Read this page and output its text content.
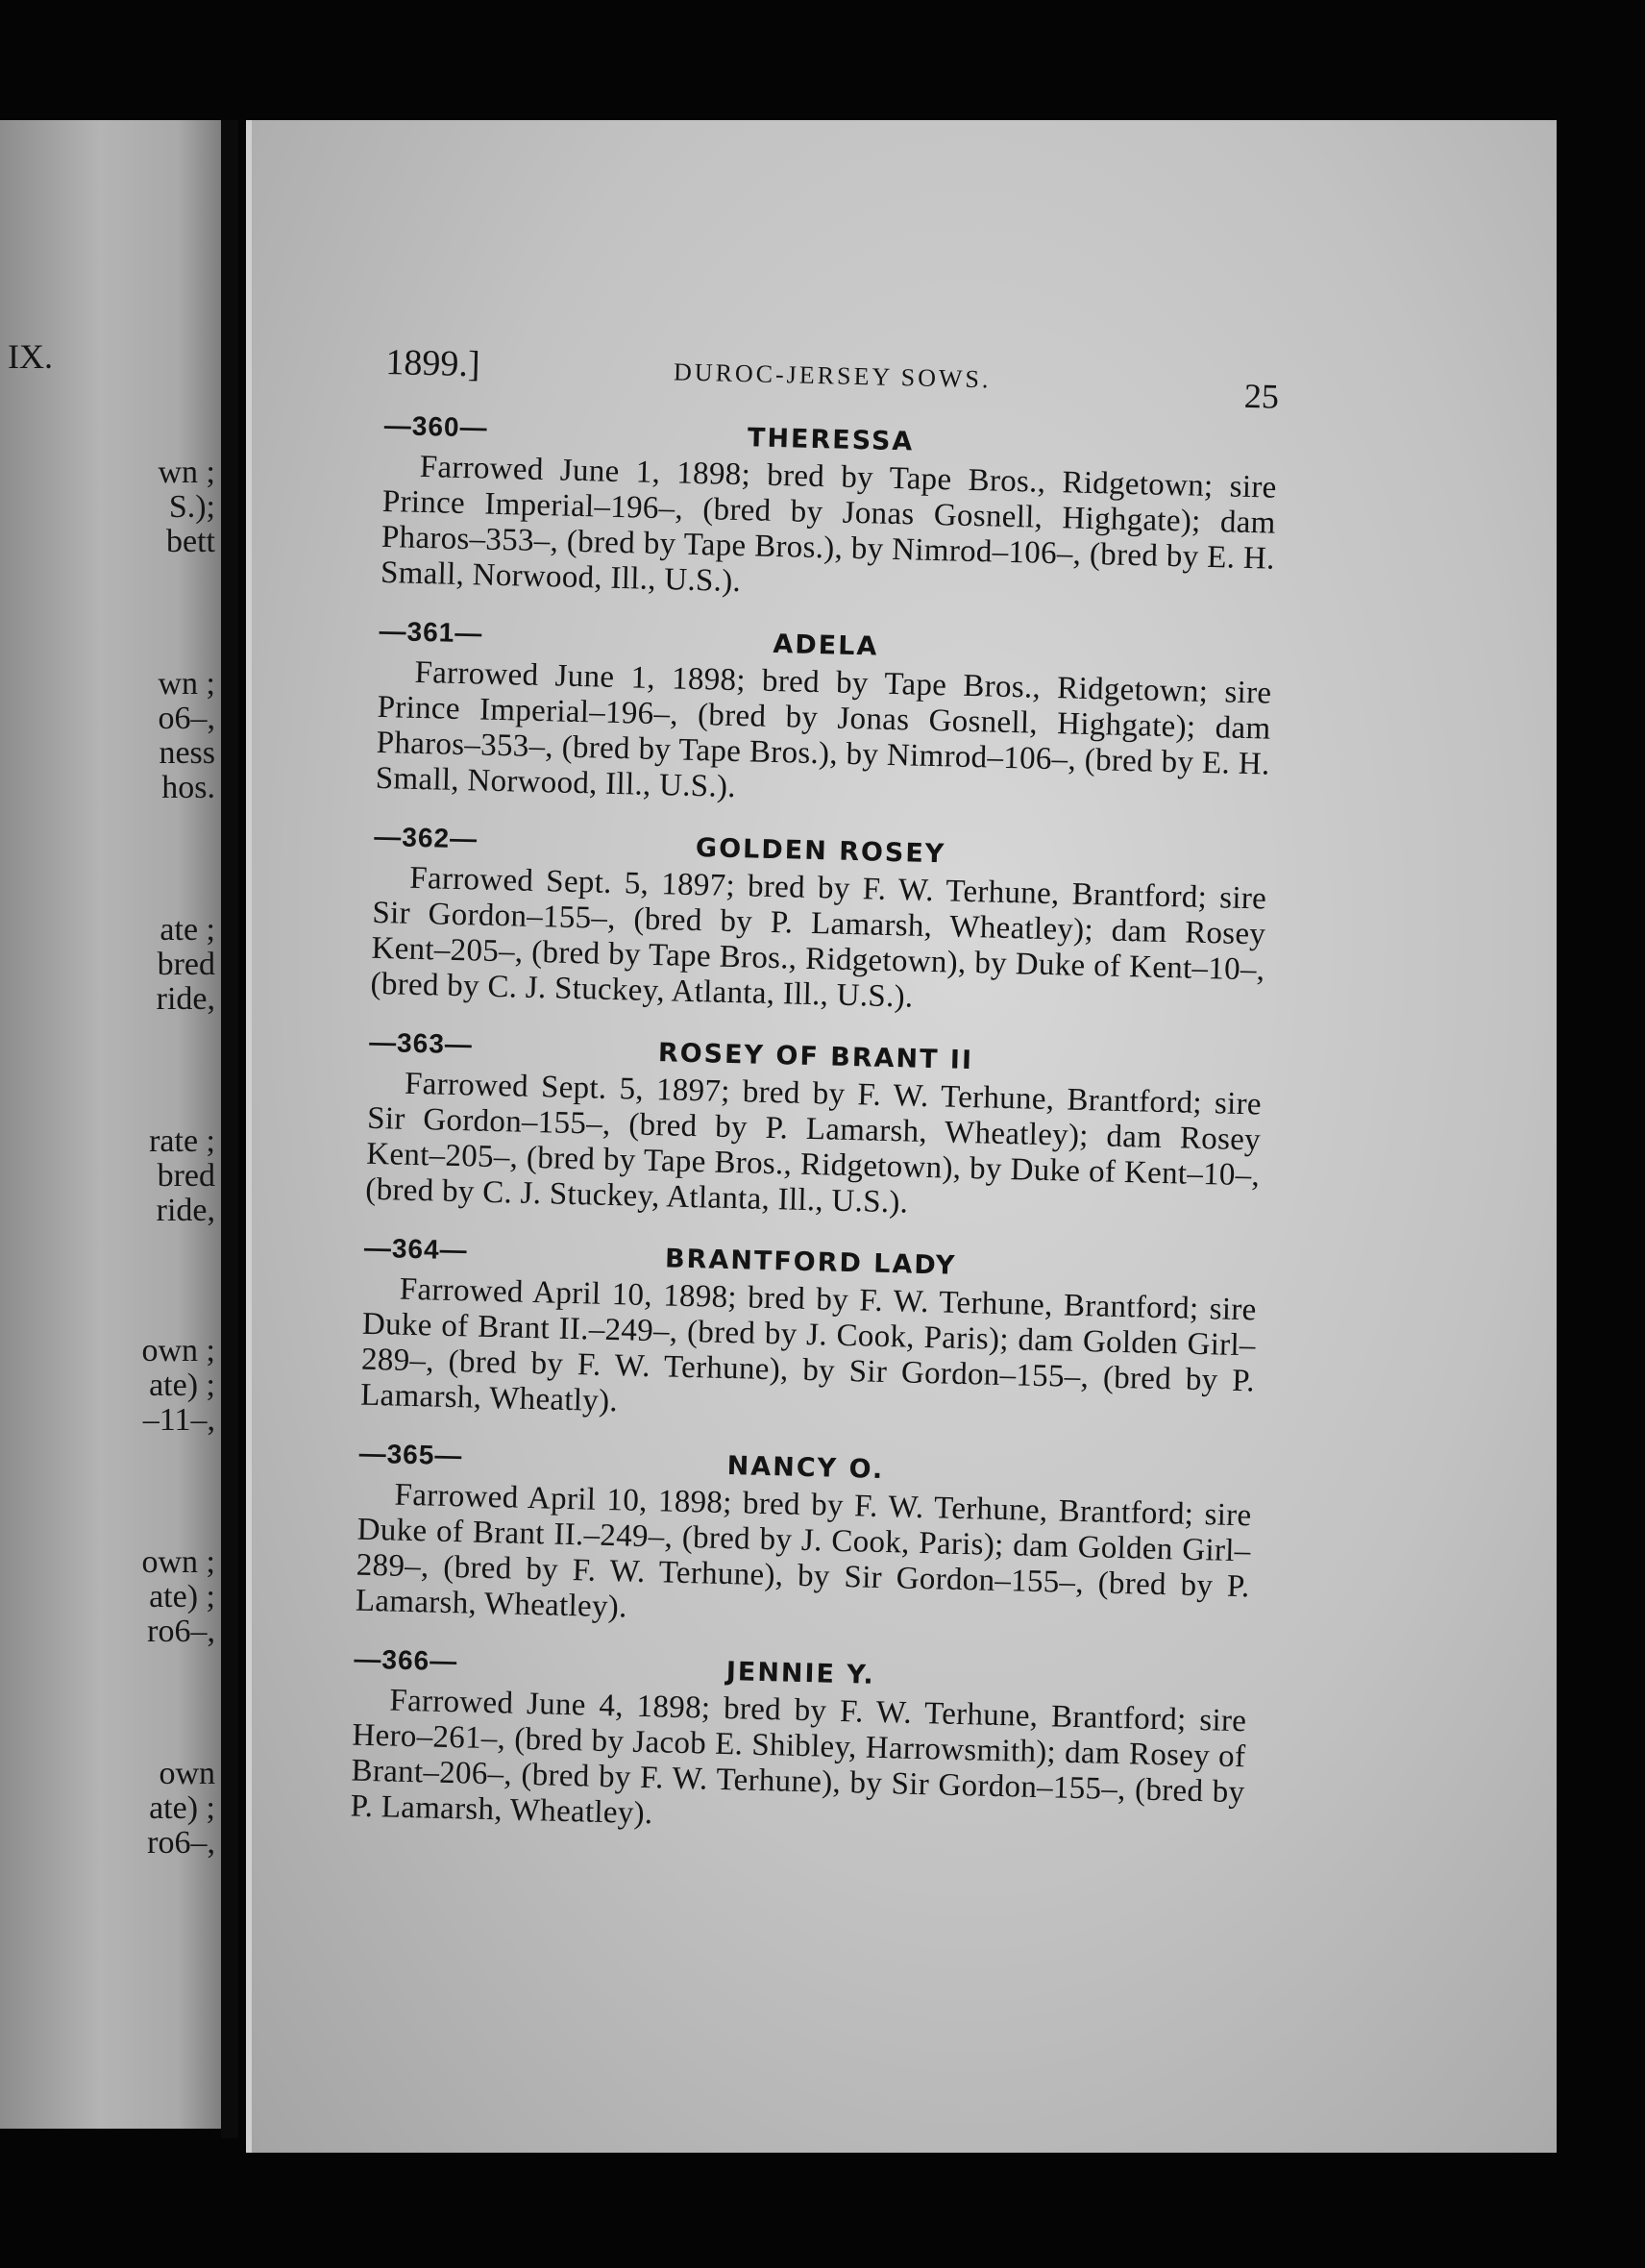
IX.
wn ;
S.);
bett
wn ;
o6–,
ness
hos.
ate ;
bred
ride,
rate ;
bred
ride,
own ;
ate) ;
–11–,
own ;
ate) ;
ro6–,
own
ate) ;
ro6–,
1899.]	DUROC-JERSEY SOWS.
25
—360—	THERESSA

Farrowed June 1, 1898; bred by Tape Bros., Ridgetown; sire Prince Imperial–196–, (bred by Jonas Gosnell, Highgate); dam Pharos–353–, (bred by Tape Bros.), by Nimrod–106–, (bred by E. H. Small, Norwood, Ill., U.S.).

—361—	ADELA

Farrowed June 1, 1898; bred by Tape Bros., Ridgetown; sire Prince Imperial–196–, (bred by Jonas Gosnell, Highgate); dam Pharos–353–, (bred by Tape Bros.), by Nimrod–106–, (bred by E. H. Small, Norwood, Ill., U.S.).

—362—	GOLDEN ROSEY

Farrowed Sept. 5, 1897; bred by F. W. Terhune, Brantford; sire Sir Gordon–155–, (bred by P. Lamarsh, Wheatley); dam Rosey Kent–205–, (bred by Tape Bros., Ridgetown), by Duke of Kent–10–, (bred by C. J. Stuckey, Atlanta, Ill., U.S.).

—363—	ROSEY OF BRANT II

Farrowed Sept. 5, 1897; bred by F. W. Terhune, Brantford; sire Sir Gordon–155–, (bred by P. Lamarsh, Wheatley); dam Rosey Kent–205–, (bred by Tape Bros., Ridgetown), by Duke of Kent–10–, (bred by C. J. Stuckey, Atlanta, Ill., U.S.).

—364—	BRANTFORD LADY

Farrowed April 10, 1898; bred by F. W. Terhune, Brantford; sire Duke of Brant II.–249–, (bred by J. Cook, Paris); dam Golden Girl–289–, (bred by F. W. Terhune), by Sir Gordon–155–, (bred by P. Lamarsh, Wheatly).

—365—	NANCY O.

Farrowed April 10, 1898; bred by F. W. Terhune, Brantford; sire Duke of Brant II.–249–, (bred by J. Cook, Paris); dam Golden Girl–289–, (bred by F. W. Terhune), by Sir Gordon–155–, (bred by P. Lamarsh, Wheatley).

—366—	JENNIE Y.

Farrowed June 4, 1898; bred by F. W. Terhune, Brantford; sire Hero–261–, (bred by Jacob E. Shibley, Harrowsmith); dam Rosey of Brant–206–, (bred by F. W. Terhune), by Sir Gordon–155–, (bred by P. Lamarsh, Wheatley).
